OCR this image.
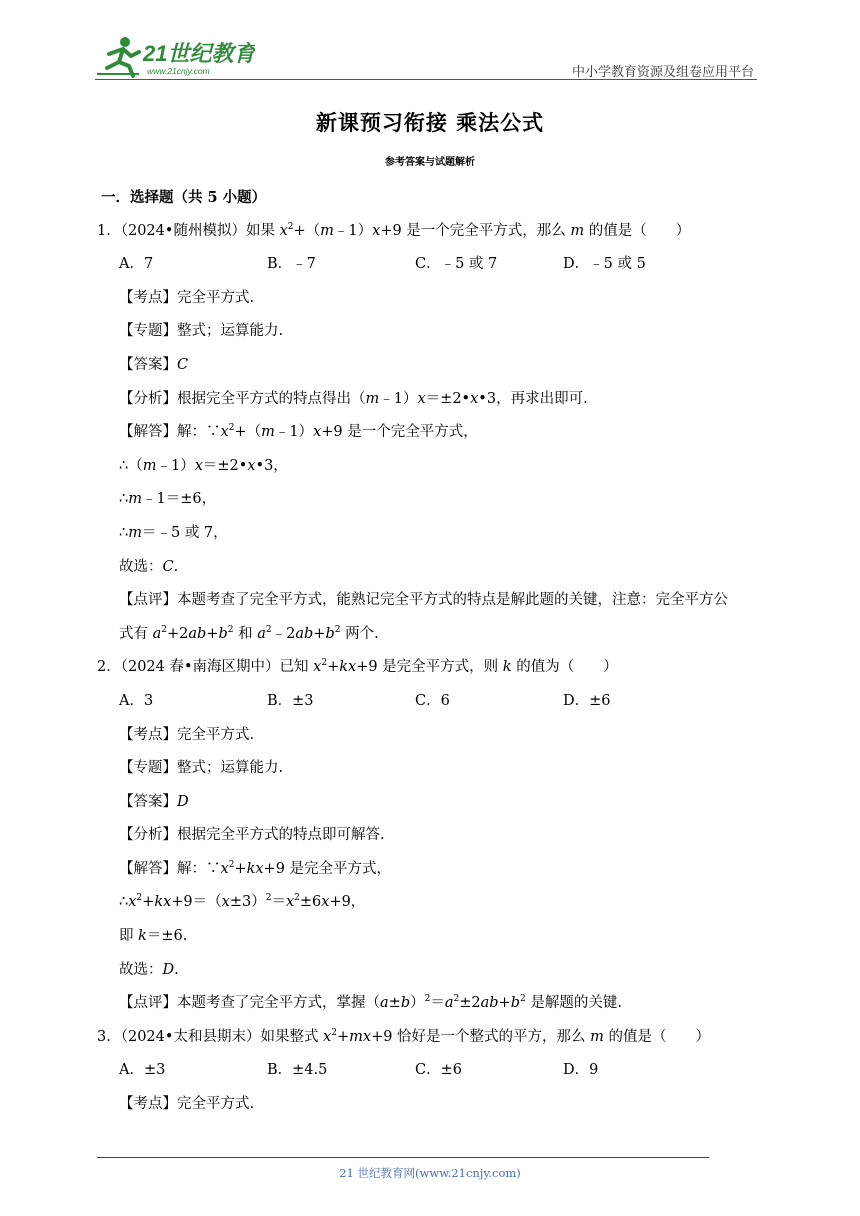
21世纪教育
www.21cnjy.com	中小学教育资源及组卷应用平台
新课预习衔接 乘法公式
参考答案与试题解析
一．选择题（共 5 小题）
1．（2024•随州模拟）如果 $x^2+(m﹣1)x+9$ 是一个完全平方式，那么 m 的值是（　　）
A．7	B．﹣7	C．﹣5 或 7	D．﹣5 或 5
【考点】完全平方式.
【专题】整式；运算能力.
【答案】C
【分析】根据完全平方式的特点得出（m﹣1）x＝±2•x•3，再求出即可.
【解答】解：$\because x^2+(m﹣1)x+9$ 是一个完全平方式，
∴（m﹣1）x＝±2•x•3，
∴m﹣1＝±6，
∴m＝﹣5 或 7，
故选：C.
【点评】本题考查了完全平方式，能熟记完全平方式的特点是解此题的关键，注意：完全平方公
式有 $a^2+2ab+b^2$ 和 $a^2﹣2ab+b^2$ 两个.
2．（2024 春•南海区期中）已知 $x^2+kx+9$ 是完全平方式，则 k 的值为（　　）
A．3	B．±3	C．6	D．±6
【考点】完全平方式.
【专题】整式；运算能力.
【答案】D
【分析】根据完全平方式的特点即可解答.
【解答】解：$\because x^2+kx+9$ 是完全平方式，
$\therefore x^2+kx+9=(x\pm 3)^2=x^2\pm 6x+9$，
即 k＝±6.
故选：D.
【点评】本题考查了完全平方式，掌握$(a\pm b)^2=a^2\pm 2ab+b^2$ 是解题的关键.
3．（2024•太和县期末）如果整式 $x^2+mx+9$ 恰好是一个整式的平方，那么 m 的值是（　　）
A．±3	B．±4.5	C．±6	D．9
【考点】完全平方式.
21 世纪教育网(www.21cnjy.com)
